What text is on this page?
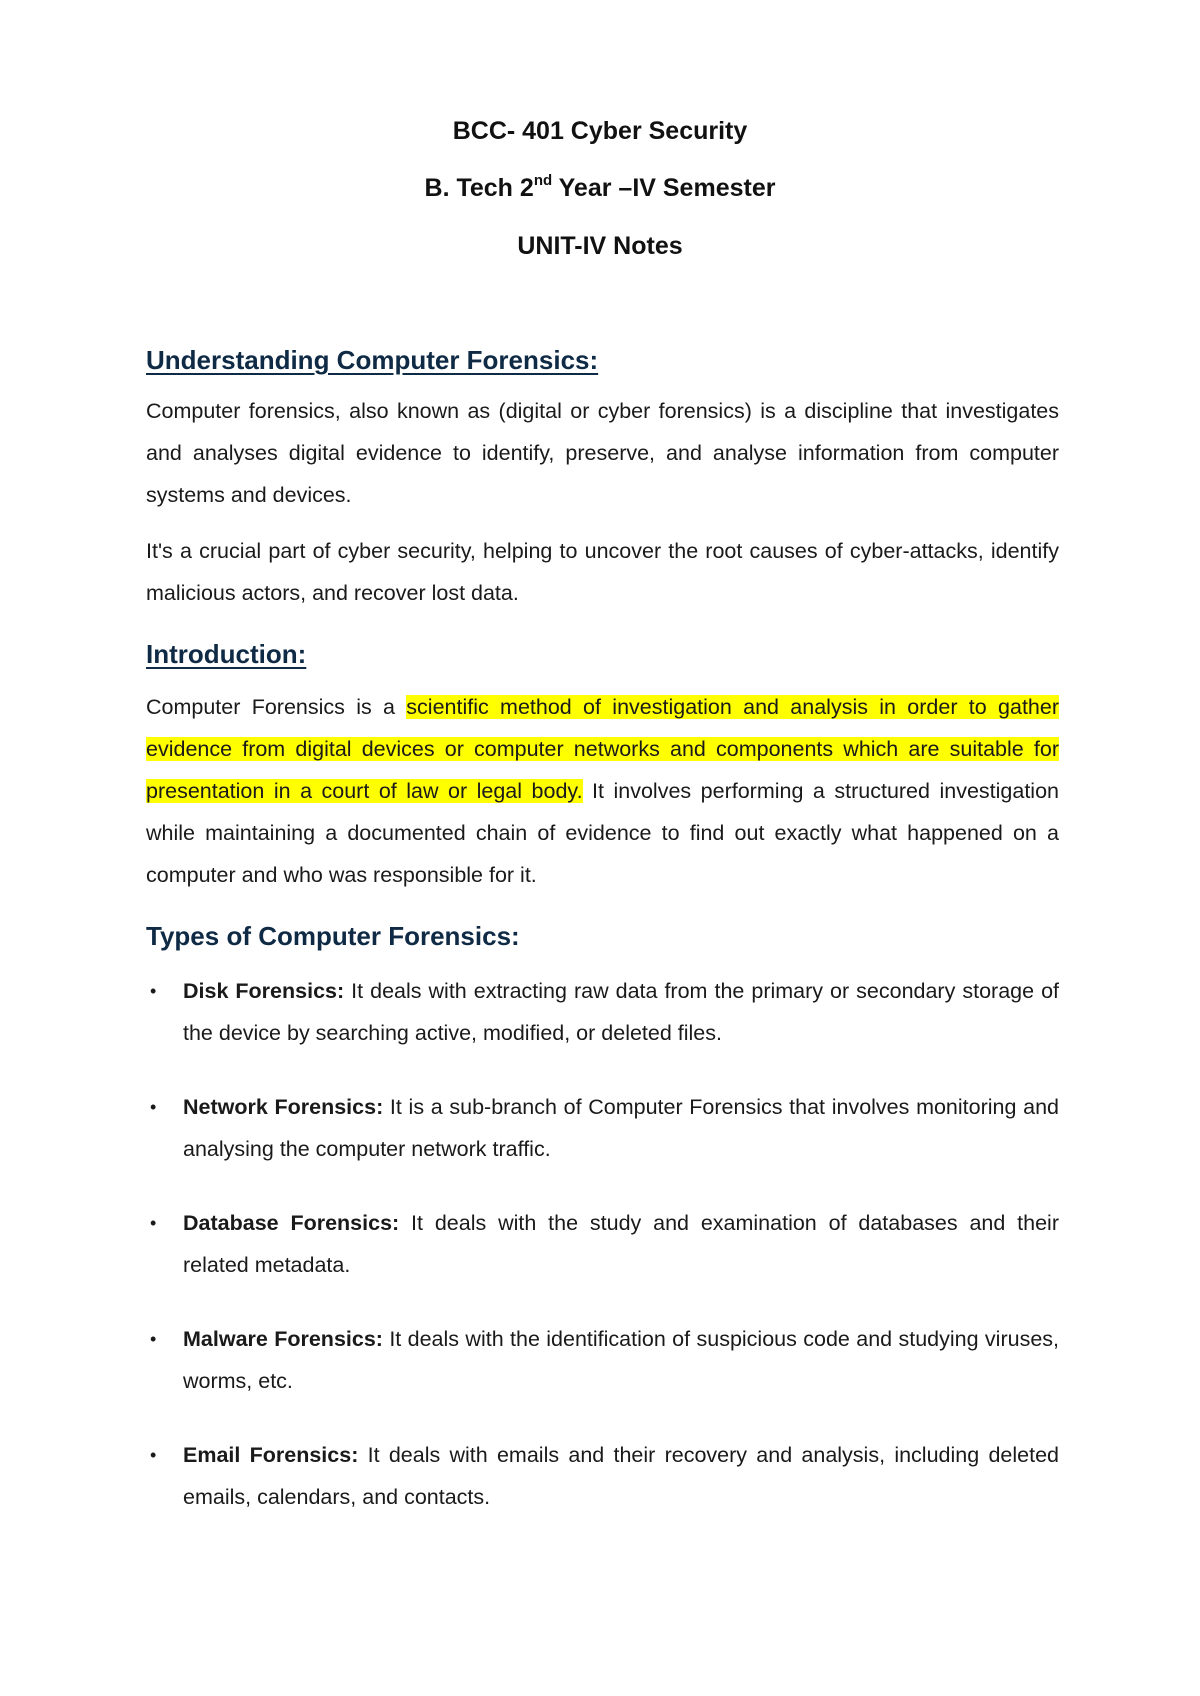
BCC- 401 Cyber Security
B. Tech 2nd Year –IV Semester
UNIT-IV Notes
Understanding Computer Forensics:

Computer forensics, also known as (digital or cyber forensics) is a discipline that investigates and analyses digital evidence to identify, preserve, and analyse information from computer systems and devices.

It's a crucial part of cyber security, helping to uncover the root causes of cyber-attacks, identify malicious actors, and recover lost data.

Introduction:

Computer Forensics is a scientific method of investigation and analysis in order to gather evidence from digital devices or computer networks and components which are suitable for presentation in a court of law or legal body. It involves performing a structured investigation while maintaining a documented chain of evidence to find out exactly what happened on a computer and who was responsible for it.

Types of Computer Forensics:
• Disk Forensics: It deals with extracting raw data from the primary or secondary storage of the device by searching active, modified, or deleted files.
• Network Forensics: It is a sub-branch of Computer Forensics that involves monitoring and analysing the computer network traffic.
• Database Forensics: It deals with the study and examination of databases and their related metadata.
• Malware Forensics: It deals with the identification of suspicious code and studying viruses, worms, etc.
• Email Forensics: It deals with emails and their recovery and analysis, including deleted emails, calendars, and contacts.
